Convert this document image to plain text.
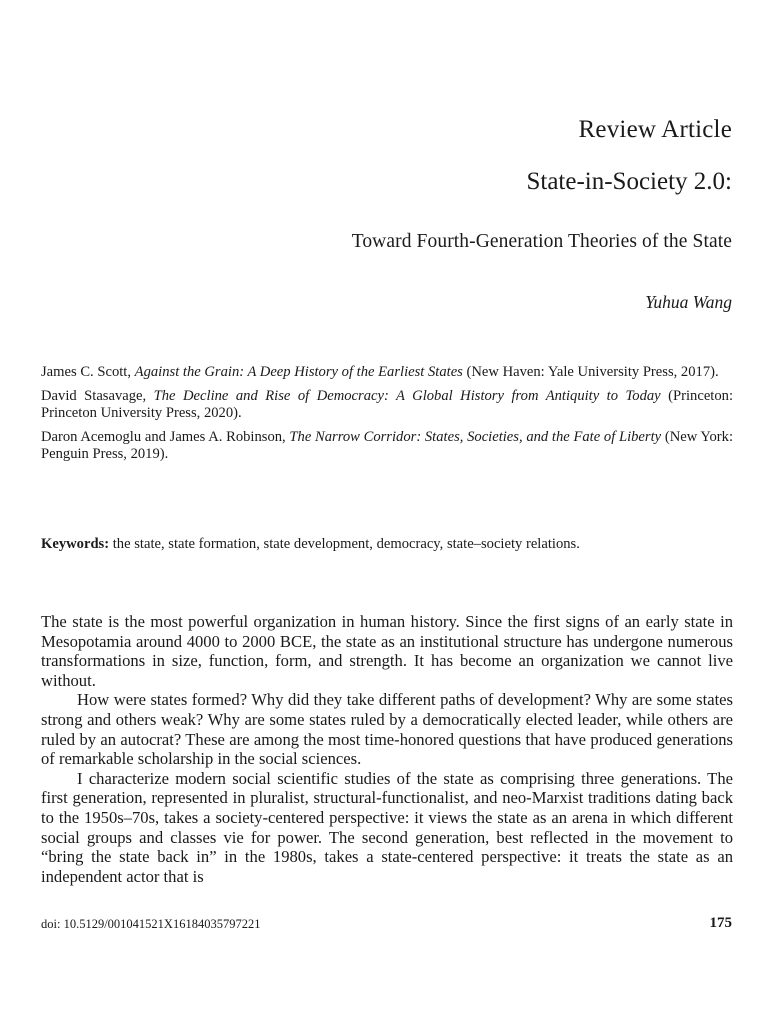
Review Article
State-in-Society 2.0:
Toward Fourth-Generation Theories of the State
Yuhua Wang

James C. Scott, Against the Grain: A Deep History of the Earliest States (New Haven: Yale University Press, 2017).

David Stasavage, The Decline and Rise of Democracy: A Global History from Antiquity to Today (Princeton: Princeton University Press, 2020).

Daron Acemoglu and James A. Robinson, The Narrow Corridor: States, Societies, and the Fate of Liberty (New York: Penguin Press, 2019).

Keywords: the state, state formation, state development, democracy, state–society relations.

The state is the most powerful organization in human history. Since the first signs of an early state in Mesopotamia around 4000 to 2000 BCE, the state as an institutional structure has undergone numerous transformations in size, function, form, and strength. It has become an organization we cannot live without.

How were states formed? Why did they take different paths of development? Why are some states strong and others weak? Why are some states ruled by a democratically elected leader, while others are ruled by an autocrat? These are among the most time-honored questions that have produced generations of remarkable scholarship in the social sciences.

I characterize modern social scientific studies of the state as comprising three generations. The first generation, represented in pluralist, structural-functionalist, and neo-Marxist traditions dating back to the 1950s–70s, takes a society-centered perspective: it views the state as an arena in which different social groups and classes vie for power. The second generation, best reflected in the movement to “bring the state back in” in the 1980s, takes a state-centered perspective: it treats the state as an independent actor that is

doi: 10.5129/001041521X16184035797221	175
